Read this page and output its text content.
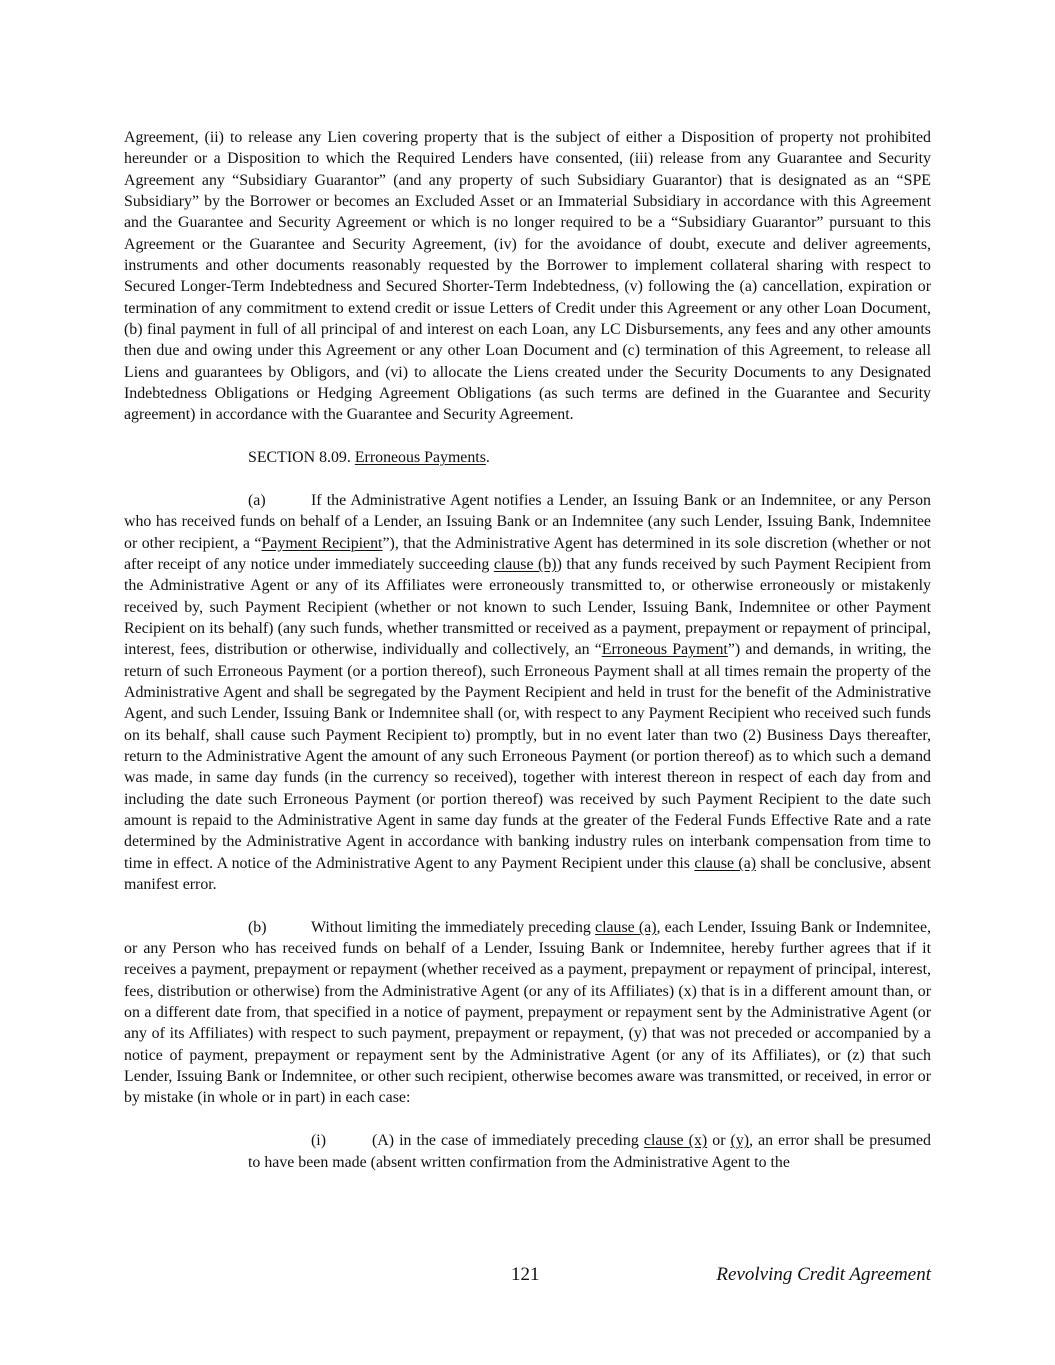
Agreement, (ii) to release any Lien covering property that is the subject of either a Disposition of property not prohibited hereunder or a Disposition to which the Required Lenders have consented, (iii) release from any Guarantee and Security Agreement any “Subsidiary Guarantor” (and any property of such Subsidiary Guarantor) that is designated as an “SPE Subsidiary” by the Borrower or becomes an Excluded Asset or an Immaterial Subsidiary in accordance with this Agreement and the Guarantee and Security Agreement or which is no longer required to be a “Subsidiary Guarantor” pursuant to this Agreement or the Guarantee and Security Agreement, (iv) for the avoidance of doubt, execute and deliver agreements, instruments and other documents reasonably requested by the Borrower to implement collateral sharing with respect to Secured Longer-Term Indebtedness and Secured Shorter-Term Indebtedness, (v) following the (a) cancellation, expiration or termination of any commitment to extend credit or issue Letters of Credit under this Agreement or any other Loan Document, (b) final payment in full of all principal of and interest on each Loan, any LC Disbursements, any fees and any other amounts then due and owing under this Agreement or any other Loan Document and (c) termination of this Agreement, to release all Liens and guarantees by Obligors, and (vi) to allocate the Liens created under the Security Documents to any Designated Indebtedness Obligations or Hedging Agreement Obligations (as such terms are defined in the Guarantee and Security agreement) in accordance with the Guarantee and Security Agreement.

SECTION 8.09. Erroneous Payments.

(a)	If the Administrative Agent notifies a Lender, an Issuing Bank or an Indemnitee, or any Person who has received funds on behalf of a Lender, an Issuing Bank or an Indemnitee (any such Lender, Issuing Bank, Indemnitee or other recipient, a “Payment Recipient”), that the Administrative Agent has determined in its sole discretion (whether or not after receipt of any notice under immediately succeeding clause (b)) that any funds received by such Payment Recipient from the Administrative Agent or any of its Affiliates were erroneously transmitted to, or otherwise erroneously or mistakenly received by, such Payment Recipient (whether or not known to such Lender, Issuing Bank, Indemnitee or other Payment Recipient on its behalf) (any such funds, whether transmitted or received as a payment, prepayment or repayment of principal, interest, fees, distribution or otherwise, individually and collectively, an “Erroneous Payment”) and demands, in writing, the return of such Erroneous Payment (or a portion thereof), such Erroneous Payment shall at all times remain the property of the Administrative Agent and shall be segregated by the Payment Recipient and held in trust for the benefit of the Administrative Agent, and such Lender, Issuing Bank or Indemnitee shall (or, with respect to any Payment Recipient who received such funds on its behalf, shall cause such Payment Recipient to) promptly, but in no event later than two (2) Business Days thereafter, return to the Administrative Agent the amount of any such Erroneous Payment (or portion thereof) as to which such a demand was made, in same day funds (in the currency so received), together with interest thereon in respect of each day from and including the date such Erroneous Payment (or portion thereof) was received by such Payment Recipient to the date such amount is repaid to the Administrative Agent in same day funds at the greater of the Federal Funds Effective Rate and a rate determined by the Administrative Agent in accordance with banking industry rules on interbank compensation from time to time in effect. A notice of the Administrative Agent to any Payment Recipient under this clause (a) shall be conclusive, absent manifest error.

(b)	Without limiting the immediately preceding clause (a), each Lender, Issuing Bank or Indemnitee, or any Person who has received funds on behalf of a Lender, Issuing Bank or Indemnitee, hereby further agrees that if it receives a payment, prepayment or repayment (whether received as a payment, prepayment or repayment of principal, interest, fees, distribution or otherwise) from the Administrative Agent (or any of its Affiliates) (x) that is in a different amount than, or on a different date from, that specified in a notice of payment, prepayment or repayment sent by the Administrative Agent (or any of its Affiliates) with respect to such payment, prepayment or repayment, (y) that was not preceded or accompanied by a notice of payment, prepayment or repayment sent by the Administrative Agent (or any of its Affiliates), or (z) that such Lender, Issuing Bank or Indemnitee, or other such recipient, otherwise becomes aware was transmitted, or received, in error or by mistake (in whole or in part) in each case:

(i)	(A) in the case of immediately preceding clause (x) or (y), an error shall be presumed to have been made (absent written confirmation from the Administrative Agent to the

121	Revolving Credit Agreement
